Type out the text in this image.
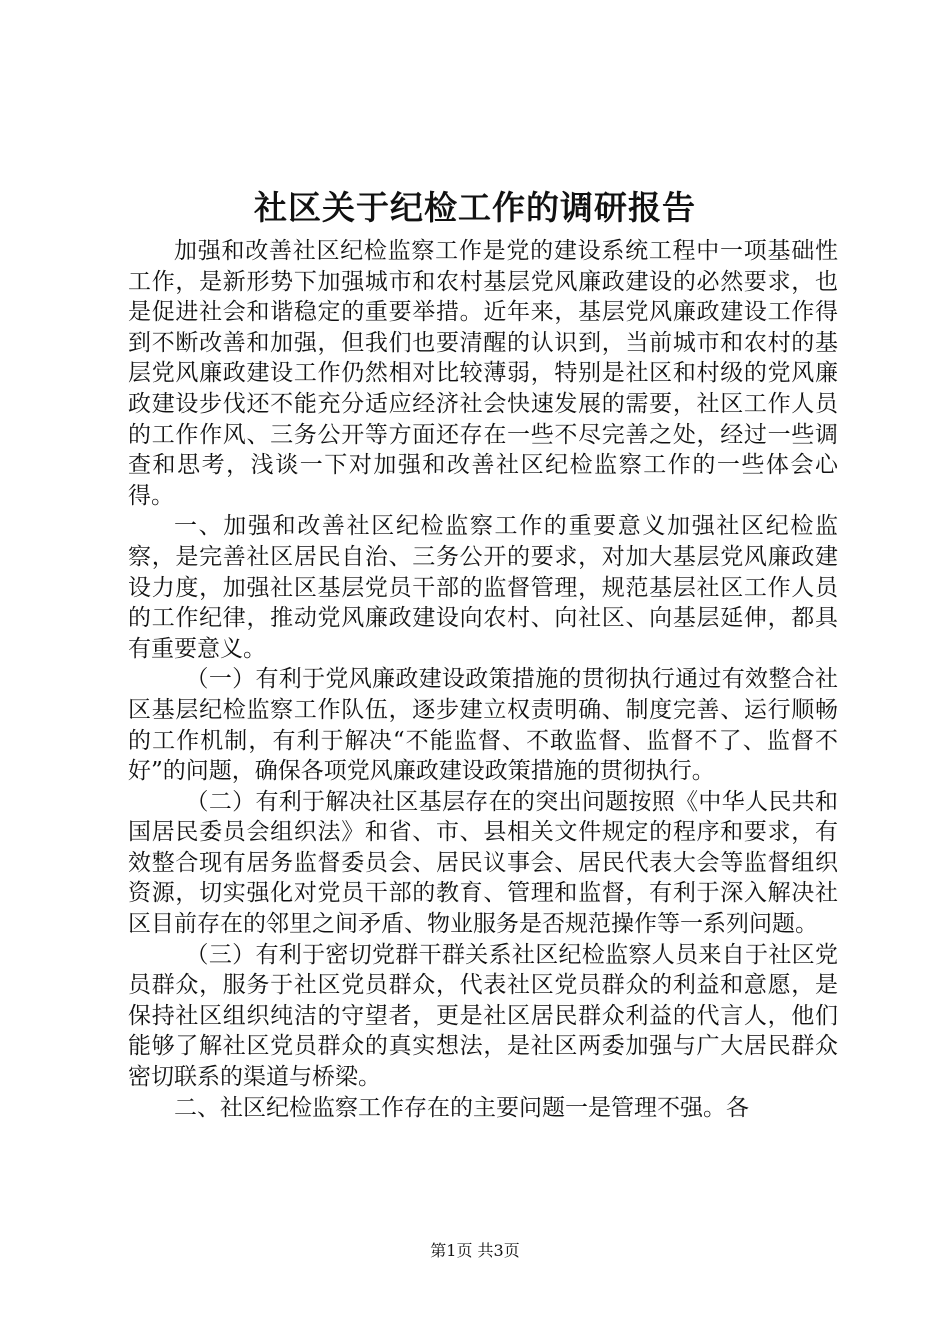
社区关于纪检工作的调研报告

加强和改善社区纪检监察工作是党的建设系统工程中一项基础性工作，是新形势下加强城市和农村基层党风廉政建设的必然要求，也是促进社会和谐稳定的重要举措。近年来，基层党风廉政建设工作得到不断改善和加强，但我们也要清醒的认识到，当前城市和农村的基层党风廉政建设工作仍然相对比较薄弱，特别是社区和村级的党风廉政建设步伐还不能充分适应经济社会快速发展的需要，社区工作人员的工作作风、三务公开等方面还存在一些不尽完善之处，经过一些调查和思考，浅谈一下对加强和改善社区纪检监察工作的一些体会心得。

一、加强和改善社区纪检监察工作的重要意义加强社区纪检监察，是完善社区居民自治、三务公开的要求，对加大基层党风廉政建设力度，加强社区基层党员干部的监督管理，规范基层社区工作人员的工作纪律，推动党风廉政建设向农村、向社区、向基层延伸，都具有重要意义。

（一）有利于党风廉政建设政策措施的贯彻执行通过有效整合社区基层纪检监察工作队伍，逐步建立权责明确、制度完善、运行顺畅的工作机制，有利于解决“不能监督、不敢监督、监督不了、监督不好”的问题，确保各项党风廉政建设政策措施的贯彻执行。

（二）有利于解决社区基层存在的突出问题按照《中华人民共和国居民委员会组织法》和省、市、县相关文件规定的程序和要求，有效整合现有居务监督委员会、居民议事会、居民代表大会等监督组织资源，切实强化对党员干部的教育、管理和监督，有利于深入解决社区目前存在的邻里之间矛盾、物业服务是否规范操作等一系列问题。

（三）有利于密切党群干群关系社区纪检监察人员来自于社区党员群众，服务于社区党员群众，代表社区党员群众的利益和意愿，是保持社区组织纯洁的守望者，更是社区居民群众利益的代言人，他们能够了解社区党员群众的真实想法，是社区两委加强与广大居民群众密切联系的渠道与桥梁。

二、社区纪检监察工作存在的主要问题一是管理不强。各

第1页 共3页
